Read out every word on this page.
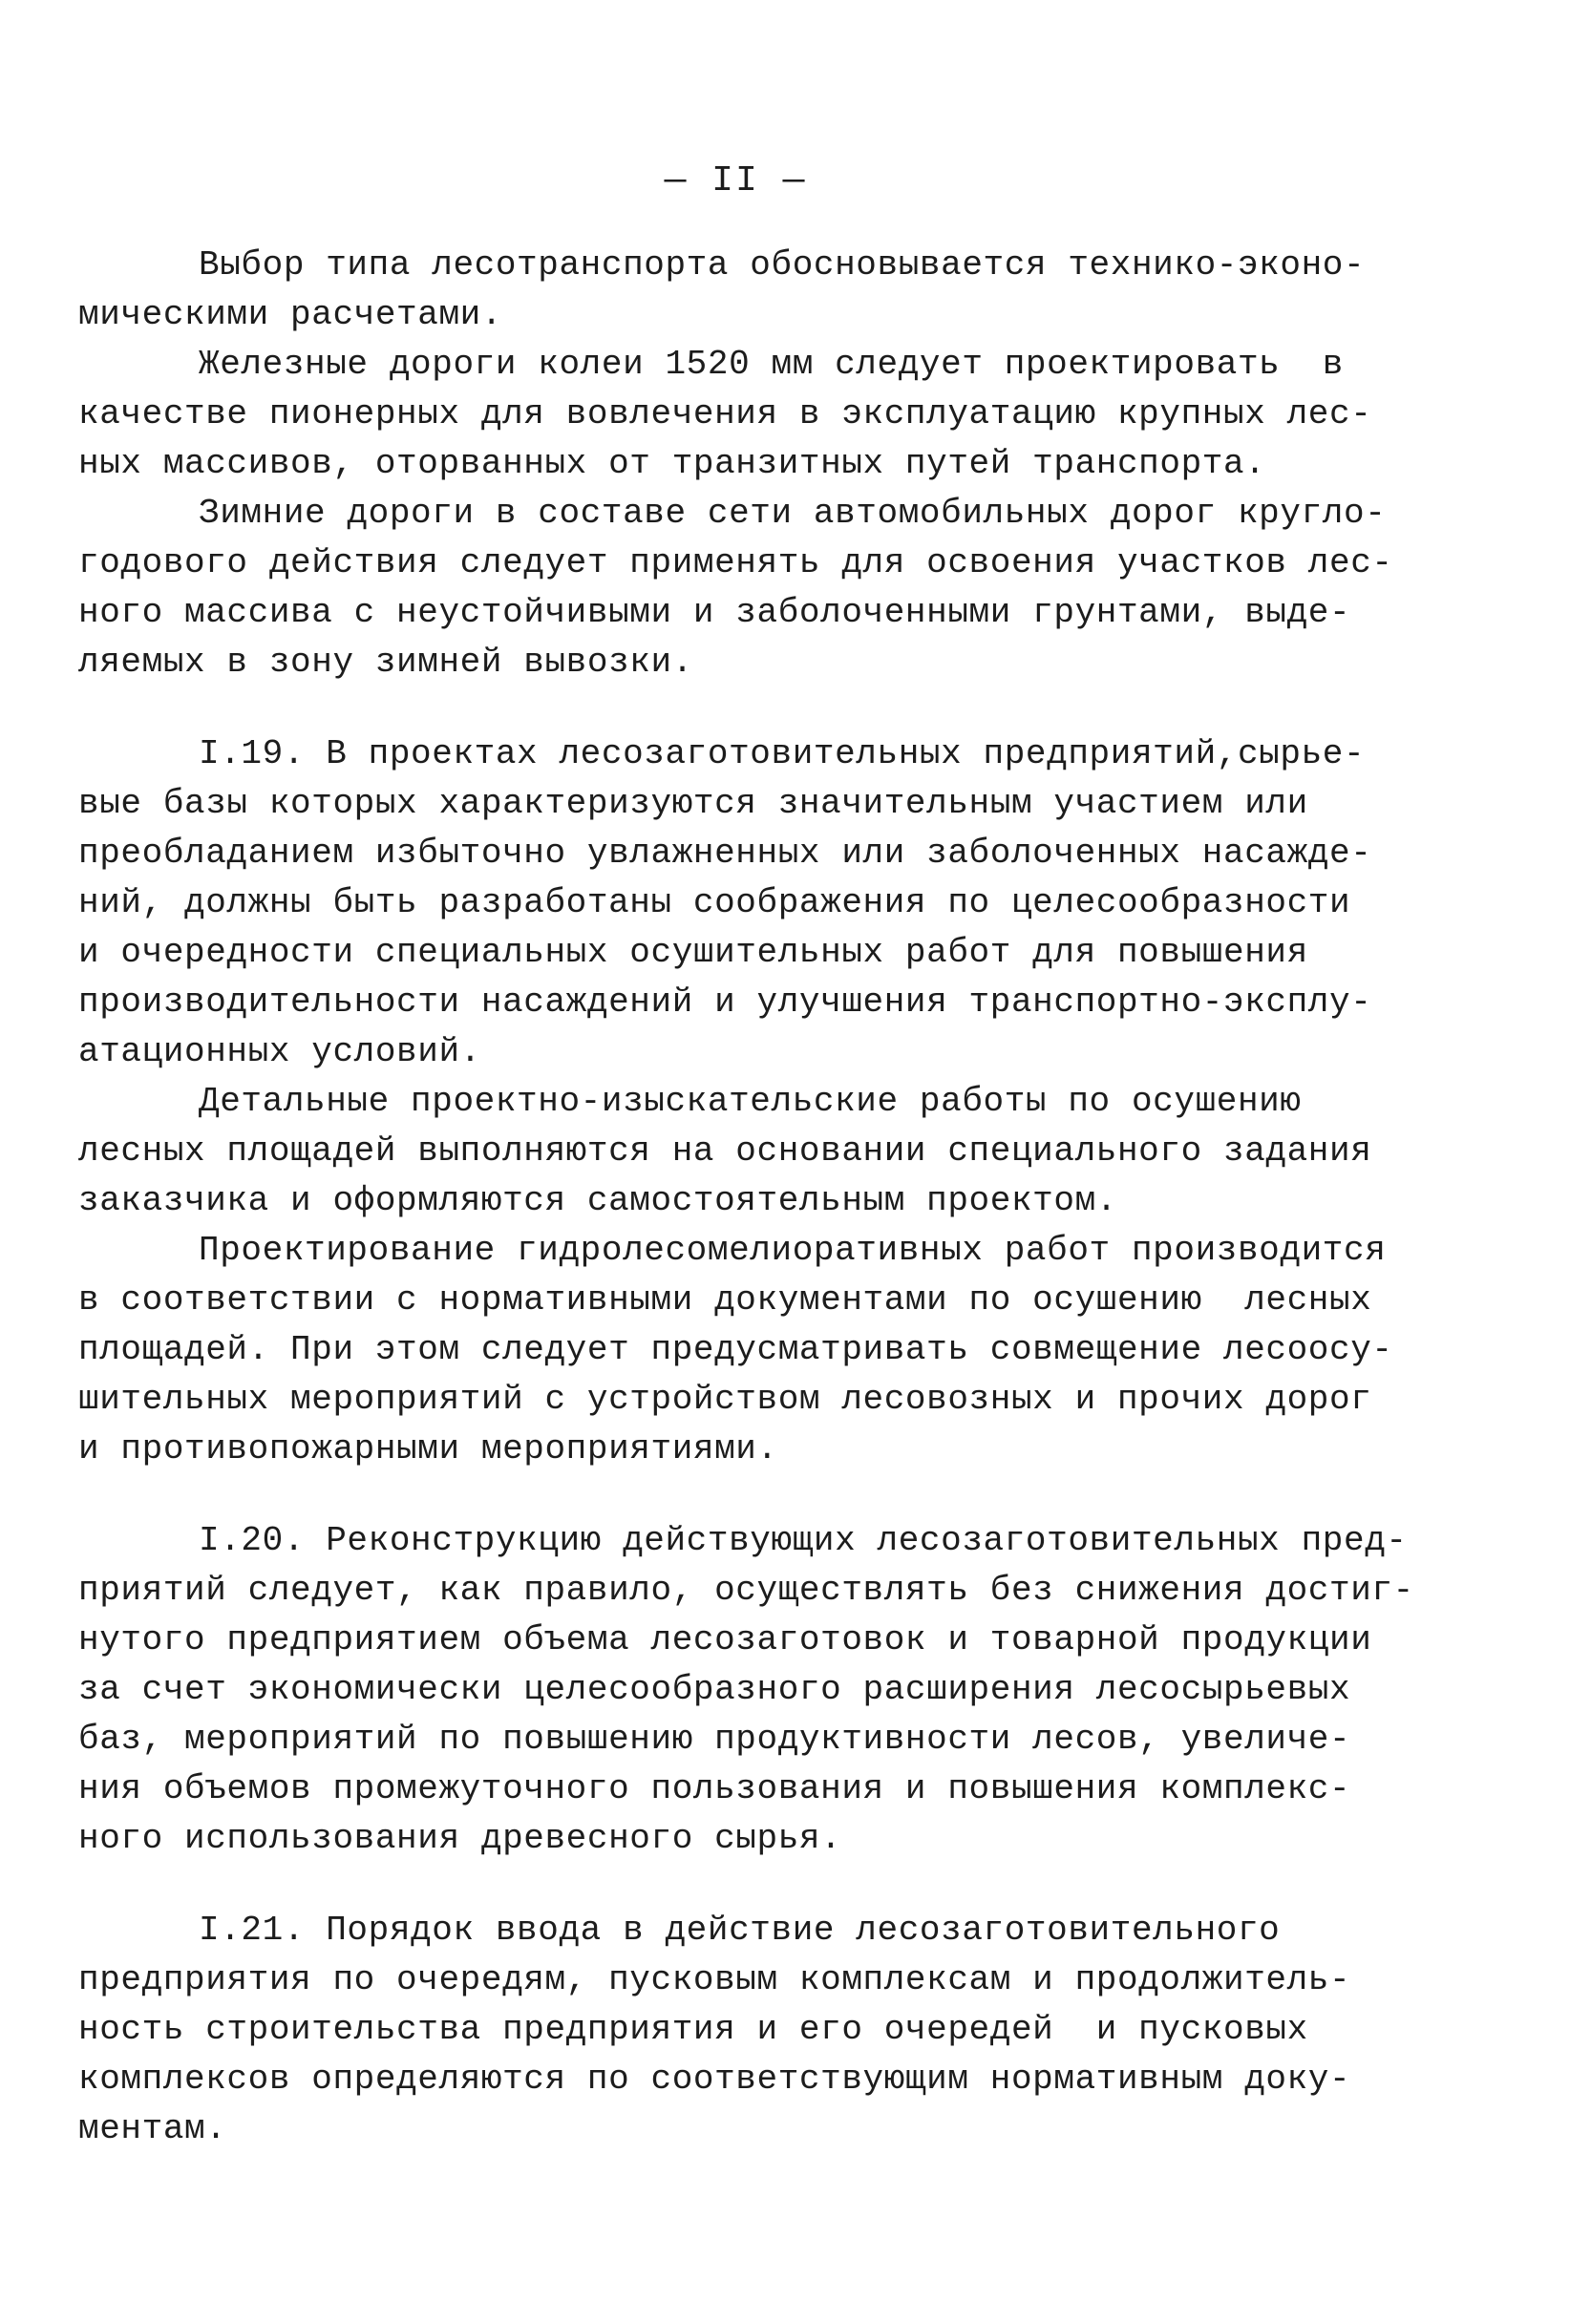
— II —
Выбор типа лесотранспорта обосновывается технико-эконо-
мическими расчетами.
Железные дороги колеи 1520 мм следует проектировать  в
качестве пионерных для вовлечения в эксплуатацию крупных лес-
ных массивов, оторванных от транзитных путей транспорта.
Зимние дороги в составе сети автомобильных дорог кругло-
годового действия следует применять для освоения участков лес-
ного массива с неустойчивыми и заболоченными грунтами, выде-
ляемых в зону зимней вывозки.
I.19. В проектах лесозаготовительных предприятий,сырье-
вые базы которых характеризуются значительным участием или
преобладанием избыточно увлажненных или заболоченных насажде-
ний, должны быть разработаны соображения по целесообразности
и очередности специальных осушительных работ для повышения
производительности насаждений и улучшения транспортно-эксплу-
атационных условий.
Детальные проектно-изыскательские работы по осушению
лесных площадей выполняются на основании специального задания
заказчика и оформляются самостоятельным проектом.
Проектирование гидролесомелиоративных работ производится
в соответствии с нормативными документами по осушению  лесных
площадей. При этом следует предусматривать совмещение лесоосу-
шительных мероприятий с устройством лесовозных и прочих дорог
и противопожарными мероприятиями.
I.20. Реконструкцию действующих лесозаготовительных пред-
приятий следует, как правило, осуществлять без снижения достиг-
нутого предприятием объема лесозаготовок и товарной продукции
за счет экономически целесообразного расширения лесосырьевых
баз, мероприятий по повышению продуктивности лесов, увеличе-
ния объемов промежуточного пользования и повышения комплекс-
ного использования древесного сырья.
I.21. Порядок ввода в действие лесозаготовительного
предприятия по очередям, пусковым комплексам и продолжитель-
ность строительства предприятия и его очередей  и пусковых
комплексов определяются по соответствующим нормативным доку-
ментам.
